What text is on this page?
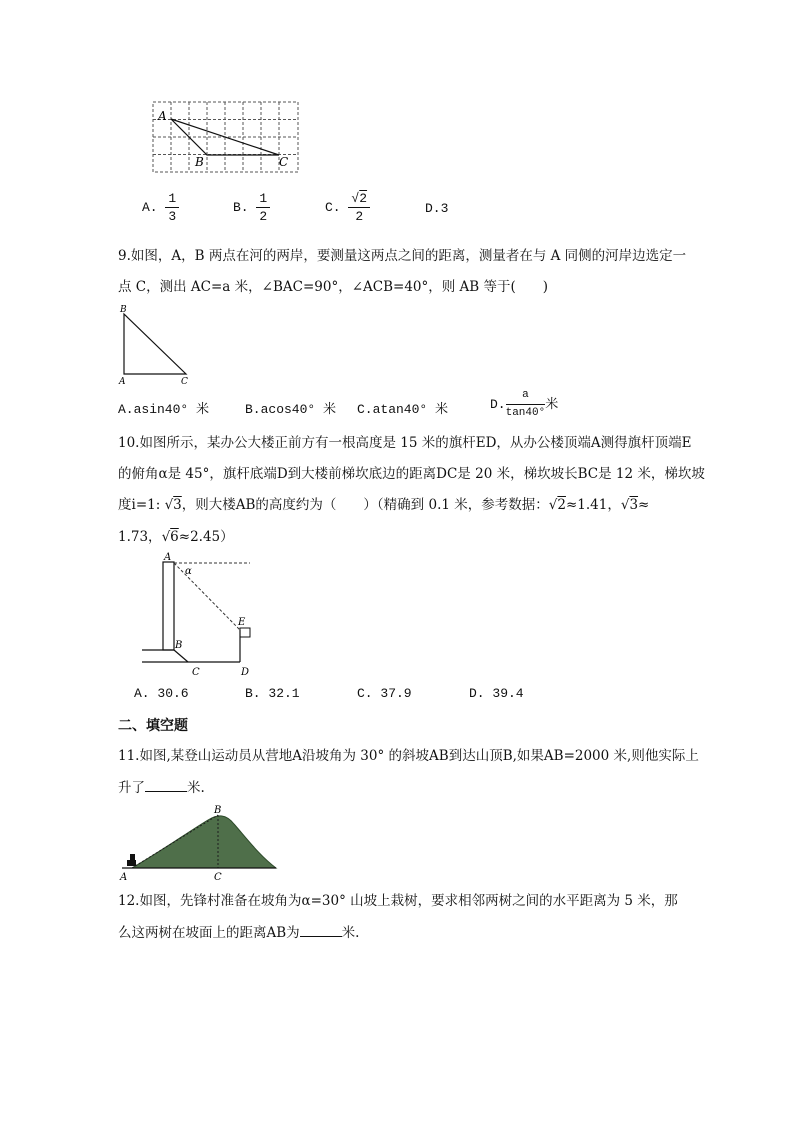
A
B	C
A. $\frac{1}{3}$	B. $\frac{1}{2}$	C. $\frac{√2}{2}$	D.3
9.如图，A，B 两点在河的两岸，要测量这两点之间的距离，测量者在与 A 同侧的河岸边选定一
点 C，测出 AC=a 米，∠BAC=90°，∠ACB=40°，则 AB 等于(　　)
B
A	C
A.asin40° 米	B.acos40° 米 C.atan40° 米	D. $\frac{a}{\tan 40^\circ}$ 米
10.如图所示，某办公大楼正前方有一根高度是 15 米的旗杆ED，从办公楼顶端A测得旗杆顶端E
的俯角α是 45°，旗杆底端D到大楼前梯坎底边的距离DC是 20 米，梯坎坡长BC是 12 米，梯坎坡
度i=1: √3，则大楼AB的高度约为（　　）（精确到 0.1 米，参考数据：√2≈1.41，√3≈
1.73，√6≈2.45）
A
α
B
C	D
E
A. 30.6	B. 32.1	C. 37.9	D. 39.4
二、填空题
11.如图,某登山运动员从营地A沿坡角为 30° 的斜坡AB到达山顶B,如果AB=2000 米,则他实际上
升了	米.
A
B
C
12.如图，先锋村准备在坡角为α=30° 山坡上栽树，要求相邻两树之间的水平距离为 5 米，那
么这两树在坡面上的距离AB为	米.
